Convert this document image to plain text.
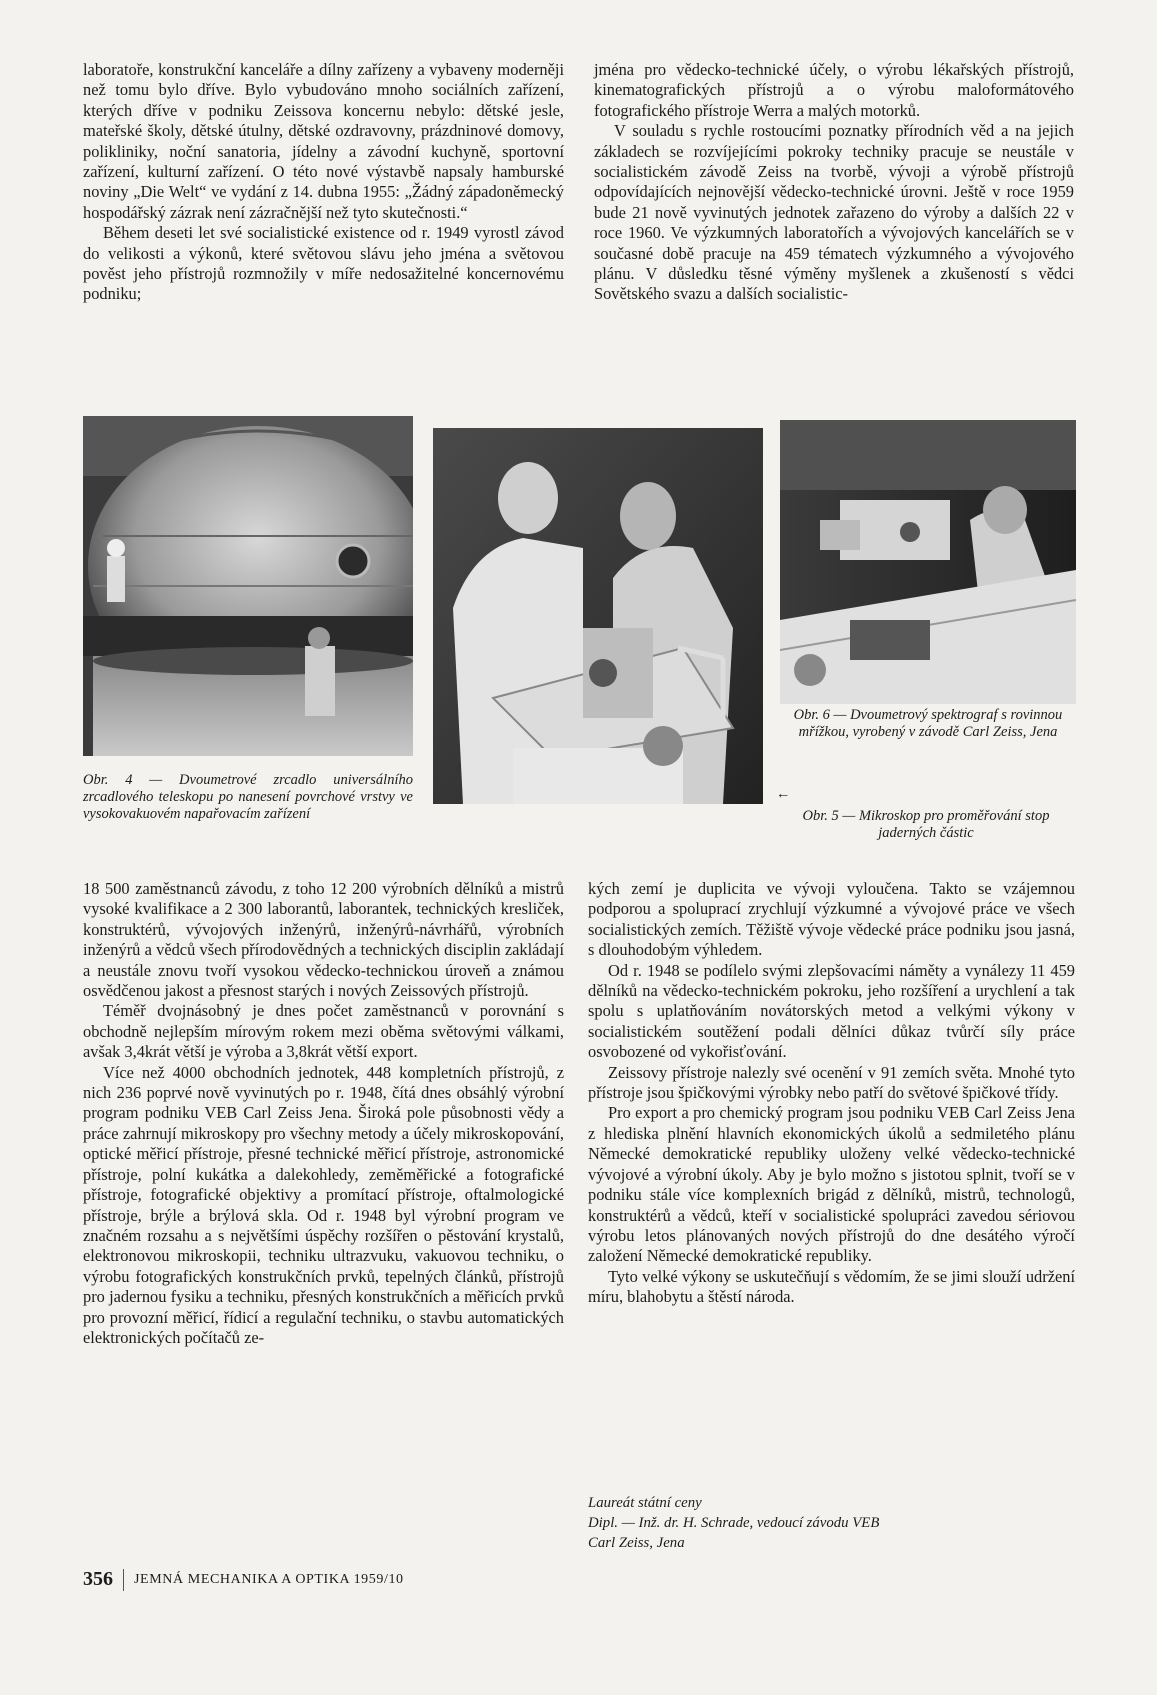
laboratoře, konstrukční kanceláře a dílny zařízeny a vybaveny moderněji než tomu bylo dříve. Bylo vybudováno mnoho sociálních zařízení, kterých dříve v podniku Zeissova koncernu nebylo: dětské jesle, mateřské školy, dětské útulny, dětské ozdravovny, prázdninové domovy, polikliniky, noční sanatoria, jídelny a závodní kuchyně, sportovní zařízení, kulturní zařízení. O této nové výstavbě napsaly hamburské noviny „Die Welt“ ve vydání z 14. dubna 1955: „Žádný západoněmecký hospodářský zázrak není zázračnější než tyto skutečnosti.“

Během deseti let své socialistické existence od r. 1949 vyrostl závod do velikosti a výkonů, které světovou slávu jeho jména a světovou pověst jeho přístrojů rozmnožily v míře nedosažitelné koncernovému podniku;

jména pro vědecko-technické účely, o výrobu lékařských přístrojů, kinematografických přístrojů a o výrobu maloformátového fotografického přístroje Werra a malých motorků.

V souladu s rychle rostoucími poznatky přírodních věd a na jejich základech se rozvíjejícími pokroky techniky pracuje se neustále v socialistickém závodě Zeiss na tvorbě, vývoji a výrobě přístrojů odpovídajících nejnovější vědecko-technické úrovni. Ještě v roce 1959 bude 21 nově vyvinutých jednotek zařazeno do výroby a dalších 22 v roce 1960. Ve výzkumných laboratořích a vývojových kancelářích se v současné době pracuje na 459 tématech výzkumného a vývojového plánu. V důsledku těsné výměny myšlenek a zkušeností s vědci Sovětského svazu a dalších socialistic-

Obr. 4 — Dvoumetrové zrcadlo universálního zrcadlového teleskopu po nanesení povrchové vrstvy ve vysokovakuovém napařovacím zařízení
Obr. 6 — Dvoumetrový spektrograf s rovinnou mřížkou, vyrobený v závodě Carl Zeiss, Jena
←
Obr. 5 — Mikroskop pro proměřování stop jaderných částic

18 500 zaměstnanců závodu, z toho 12 200 výrobních dělníků a mistrů vysoké kvalifikace a 2 300 laborantů, laborantek, technických kresliček, konstruktérů, vývojových inženýrů, inženýrů-návrhářů, výrobních inženýrů a vědců všech přírodovědných a technických disciplin zakládají a neustále znovu tvoří vysokou vědecko-technickou úroveň a známou osvědčenou jakost a přesnost starých i nových Zeissových přístrojů.

Téměř dvojnásobný je dnes počet zaměstnanců v porovnání s obchodně nejlepším mírovým rokem mezi oběma světovými válkami, avšak 3,4krát větší je výroba a 3,8krát větší export.

Více než 4000 obchodních jednotek, 448 kompletních přístrojů, z nich 236 poprvé nově vyvinutých po r. 1948, čítá dnes obsáhlý výrobní program podniku VEB Carl Zeiss Jena. Široká pole působnosti vědy a práce zahrnují mikroskopy pro všechny metody a účely mikroskopování, optické měřicí přístroje, přesné technické měřicí přístroje, astronomické přístroje, polní kukátka a dalekohledy, zeměměřické a fotografické přístroje, fotografické objektivy a promítací přístroje, oftalmologické přístroje, brýle a brýlová skla. Od r. 1948 byl výrobní program ve značném rozsahu a s největšími úspěchy rozšířen o pěstování krystalů, elektronovou mikroskopii, techniku ultrazvuku, vakuovou techniku, o výrobu fotografických konstrukčních prvků, tepelných článků, přístrojů pro jadernou fysiku a techniku, přesných konstrukčních a měřicích prvků pro provozní měřicí, řídicí a regulační techniku, o stavbu automatických elektronických počítačů ze-

kých zemí je duplicita ve vývoji vyloučena. Takto se vzájemnou podporou a spoluprací zrychlují výzkumné a vývojové práce ve všech socialistických zemích. Těžiště vývoje vědecké práce podniku jsou jasná, s dlouhodobým výhledem.

Od r. 1948 se podílelo svými zlepšovacími náměty a vynálezy 11 459 dělníků na vědecko-technickém pokroku, jeho rozšíření a urychlení a tak spolu s uplatňováním novátorských metod a velkými výkony v socialistickém soutěžení podali dělníci důkaz tvůrčí síly práce osvobozené od vykořisťování.

Zeissovy přístroje nalezly své ocenění v 91 zemích světa. Mnohé tyto přístroje jsou špičkovými výrobky nebo patří do světové špičkové třídy.

Pro export a pro chemický program jsou podniku VEB Carl Zeiss Jena z hlediska plnění hlavních ekonomických úkolů a sedmiletého plánu Německé demokratické republiky uloženy velké vědecko-technické vývojové a výrobní úkoly. Aby je bylo možno s jistotou splnit, tvoří se v podniku stále více komplexních brigád z dělníků, mistrů, technologů, konstruktérů a vědců, kteří v socialistické spolupráci zavedou sériovou výrobu letos plánovaných nových přístrojů do dne desátého výročí založení Německé demokratické republiky.

Tyto velké výkony se uskutečňují s vědomím, že se jimi slouží udržení míru, blahobytu a štěstí národa.

Laureát státní ceny
Dipl. — Inž. dr. H. Schrade, vedoucí závodu VEB
Carl Zeiss, Jena
356 JEMNÁ MECHANIKA A OPTIKA 1959/10
